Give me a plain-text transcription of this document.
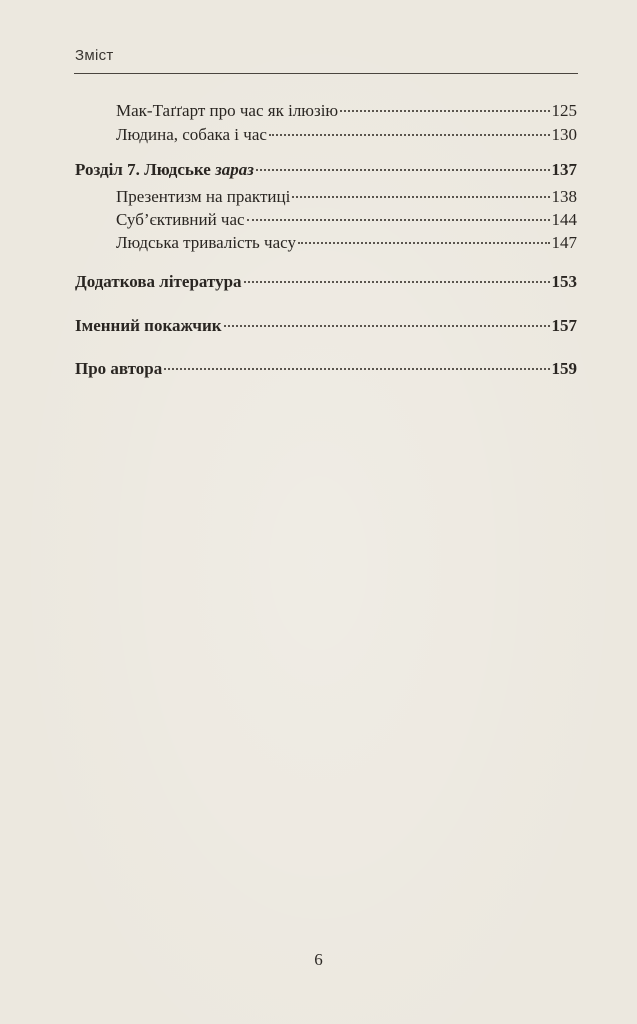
Зміст
Мак-Таґґарт про час як ілюзію	125
Людина, собака і час	130
Розділ 7. Людське зараз	137
Презентизм на практиці	138
Суб’єктивний час	144
Людська тривалість часу	147
Додаткова література	153
Іменний покажчик	157
Про автора	159
6
